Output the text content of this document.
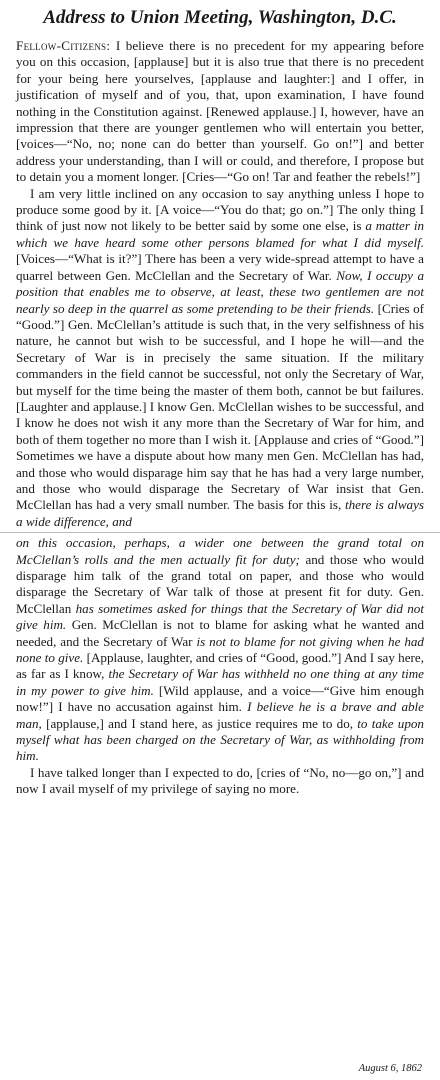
Address to Union Meeting, Washington, D.C.

Fellow-Citizens: I believe there is no precedent for my appearing before you on this occasion, [applause] but it is also true that there is no precedent for your being here yourselves, [applause and laughter:] and I offer, in justification of myself and of you, that, upon examination, I have found nothing in the Constitution against. [Renewed applause.] I, however, have an impression that there are younger gentlemen who will entertain you better, [voices—“No, no; none can do better than yourself. Go on!”] and better address your understanding, than I will or could, and therefore, I propose but to detain you a moment longer. [Cries—“Go on! Tar and feather the rebels!”]

I am very little inclined on any occasion to say anything unless I hope to produce some good by it. [A voice—“You do that; go on.”] The only thing I think of just now not likely to be better said by some one else, is a matter in which we have heard some other persons blamed for what I did myself. [Voices—“What is it?”] There has been a very wide-spread attempt to have a quarrel between Gen. McClellan and the Secretary of War. Now, I occupy a position that enables me to observe, at least, these two gentlemen are not nearly so deep in the quarrel as some pretending to be their friends. [Cries of “Good.”] Gen. McClellan’s attitude is such that, in the very selfishness of his nature, he cannot but wish to be successful, and I hope he will—and the Secretary of War is in precisely the same situation. If the military commanders in the field cannot be successful, not only the Secretary of War, but myself for the time being the master of them both, cannot be but failures. [Laughter and applause.] I know Gen. McClellan wishes to be successful, and I know he does not wish it any more than the Secretary of War for him, and both of them together no more than I wish it. [Applause and cries of “Good.”] Sometimes we have a dispute about how many men Gen. McClellan has had, and those who would disparage him say that he has had a very large number, and those who would disparage the Secretary of War insist that Gen. McClellan has had a very small number. The basis for this is, there is always a wide difference, and

on this occasion, perhaps, a wider one between the grand total on McClellan’s rolls and the men actually fit for duty; and those who would disparage him talk of the grand total on paper, and those who would disparage the Secretary of War talk of those at present fit for duty. Gen. McClellan has sometimes asked for things that the Secretary of War did not give him. Gen. McClellan is not to blame for asking what he wanted and needed, and the Secretary of War is not to blame for not giving when he had none to give. [Applause, laughter, and cries of “Good, good.”] And I say here, as far as I know, the Secretary of War has withheld no one thing at any time in my power to give him. [Wild applause, and a voice—“Give him enough now!”] I have no accusation against him. I believe he is a brave and able man, [applause,] and I stand here, as justice requires me to do, to take upon myself what has been charged on the Secretary of War, as withholding from him.

I have talked longer than I expected to do, [cries of “No, no—go on,”] and now I avail myself of my privilege of saying no more.

August 6, 1862
